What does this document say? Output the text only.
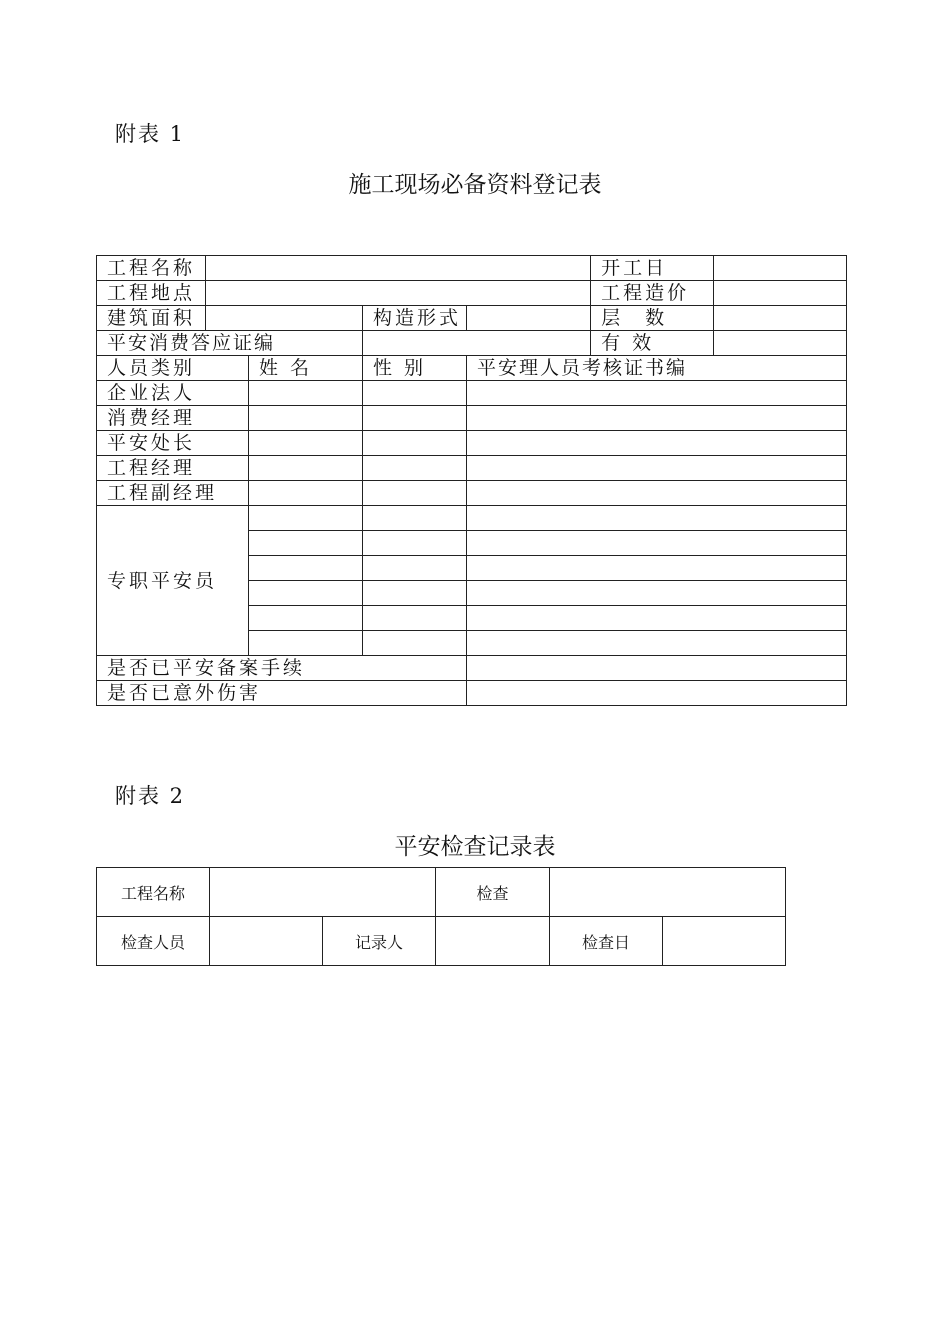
附表 1
施工现场必备资料登记表
工程名称					开工日	
工程地点					工程造价	
建筑面积			构造形式		层　数	
平安消费答应证编					有 效	
人员类别		姓 名	性 别	平安理人员考核证书编		
企业法人						
消费经理						
平安处长						
工程经理						
工程副经理						
专职平安员						

是否已平安备案手续						
是否已意外伤害						
附表 2
平安检查记录表
工程名称			检查		
检查人员		记录人		检查日	
